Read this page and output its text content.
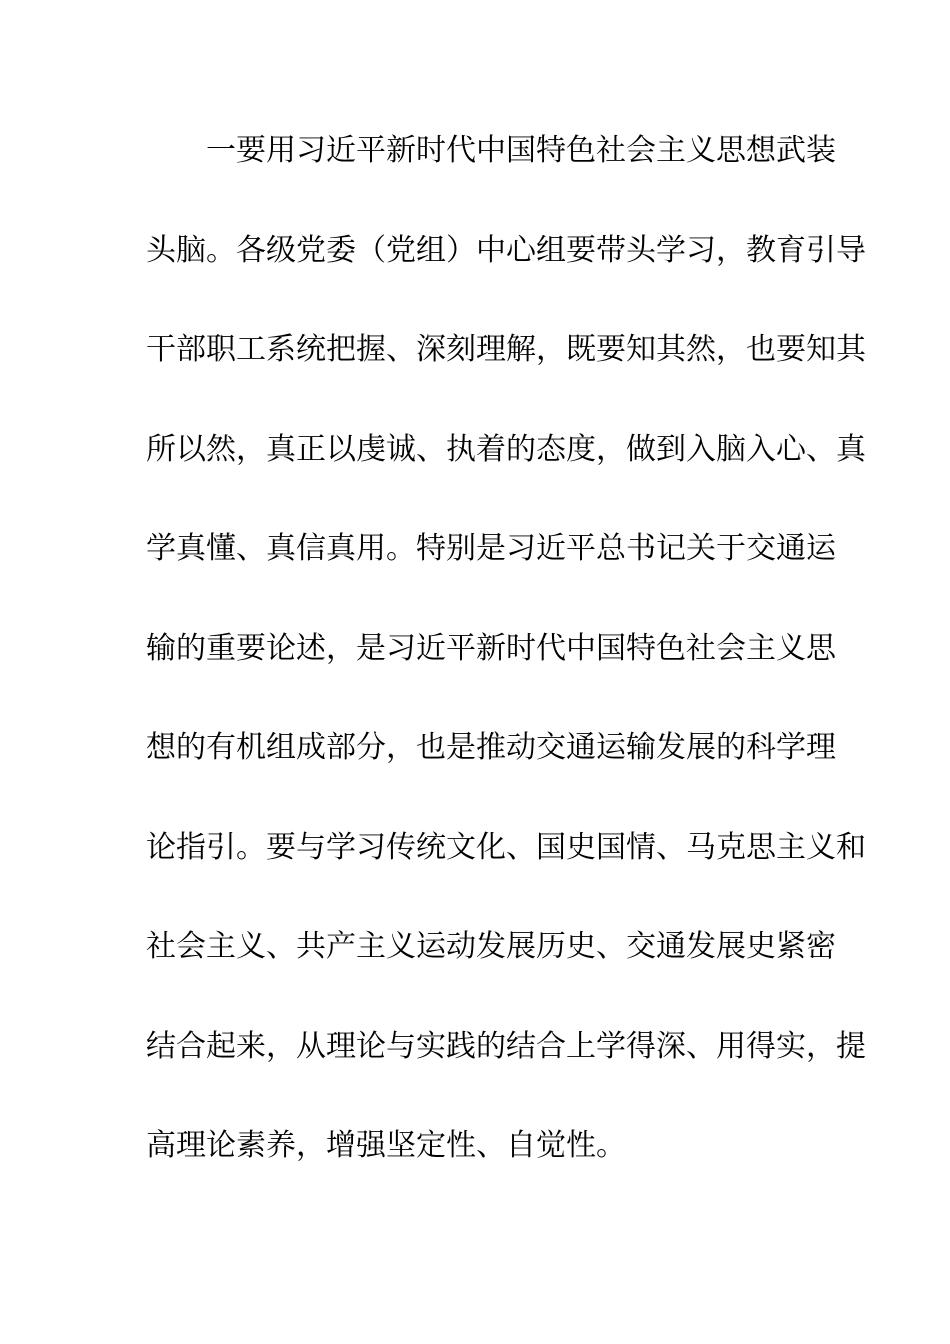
一要用习近平新时代中国特色社会主义思想武装
头脑。各级党委（党组）中心组要带头学习，教育引导
干部职工系统把握、深刻理解，既要知其然，也要知其
所以然，真正以虔诚、执着的态度，做到入脑入心、真
学真懂、真信真用。特别是习近平总书记关于交通运
输的重要论述，是习近平新时代中国特色社会主义思
想的有机组成部分，也是推动交通运输发展的科学理
论指引。要与学习传统文化、国史国情、马克思主义和
社会主义、共产主义运动发展历史、交通发展史紧密
结合起来，从理论与实践的结合上学得深、用得实，提
高理论素养，增强坚定性、自觉性。
